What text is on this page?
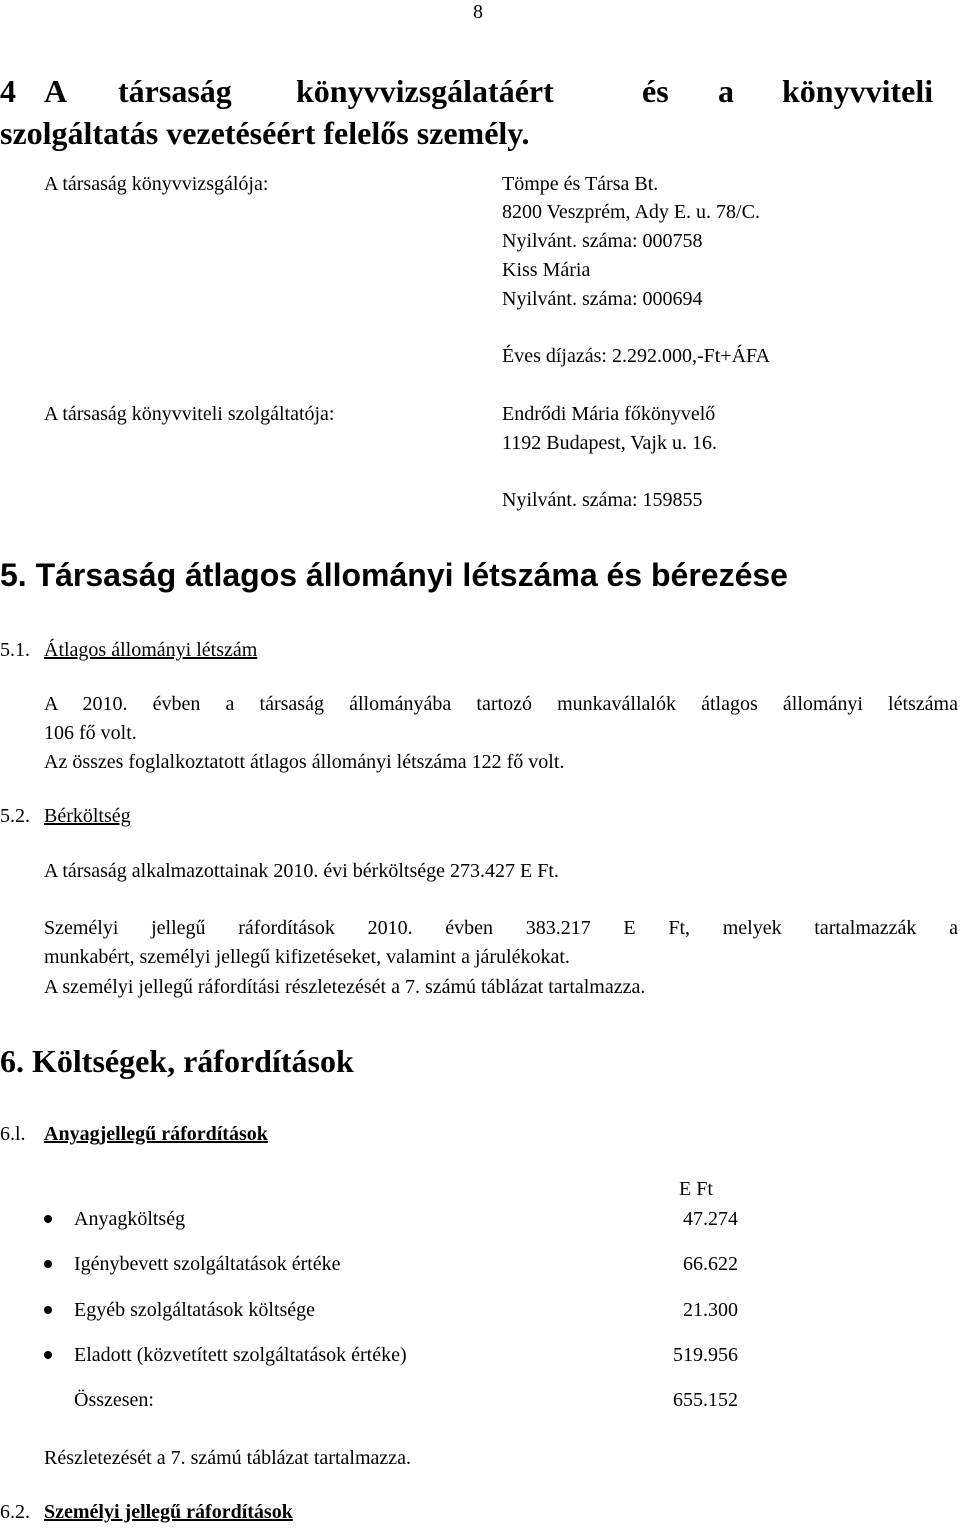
8
4 A társaság könyvvizsgálatáért	és a könyvviteli
szolgáltatás vezetéséért felelős személy.
A társaság könyvvizsgálója:	Tömpe és Társa Bt.
8200 Veszprém, Ady E. u. 78/C.
Nyilvánt. száma: 000758
Kiss Mária
Nyilvánt. száma: 000694
Éves díjazás: 2.292.000,-Ft+ÁFA
A társaság könyvviteli szolgáltatója:	Endrődi Mária főkönyvelő
1192 Budapest, Vajk u. 16.
Nyilvánt. száma: 159855
5. Társaság átlagos állományi létszáma és bérezése
5.1. Átlagos állományi létszám
A 2010. évben a társaság állományába tartozó munkavállalók átlagos állományi létszáma
106 fő volt.
Az összes foglalkoztatott átlagos állományi létszáma 122 fő volt.
5.2. Bérköltség
A társaság alkalmazottainak 2010. évi bérköltsége 273.427 E Ft.
Személyi jellegű ráfordítások 2010. évben 383.217 E Ft, melyek tartalmazzák a
munkabért, személyi jellegű kifizetéseket, valamint a járulékokat.
A személyi jellegű ráfordítási részletezését a 7. számú táblázat tartalmazza.
6. Költségek, ráfordítások
6.l. Anyagjellegű ráfordítások
E Ft
Anyagköltség	47.274
Igénybevett szolgáltatások értéke	66.622
Egyéb szolgáltatások költsége	21.300
Eladott (közvetített szolgáltatások értéke)	519.956
Összesen:	655.152
Részletezését a 7. számú táblázat tartalmazza.
6.2. Személyi jellegű ráfordítások
